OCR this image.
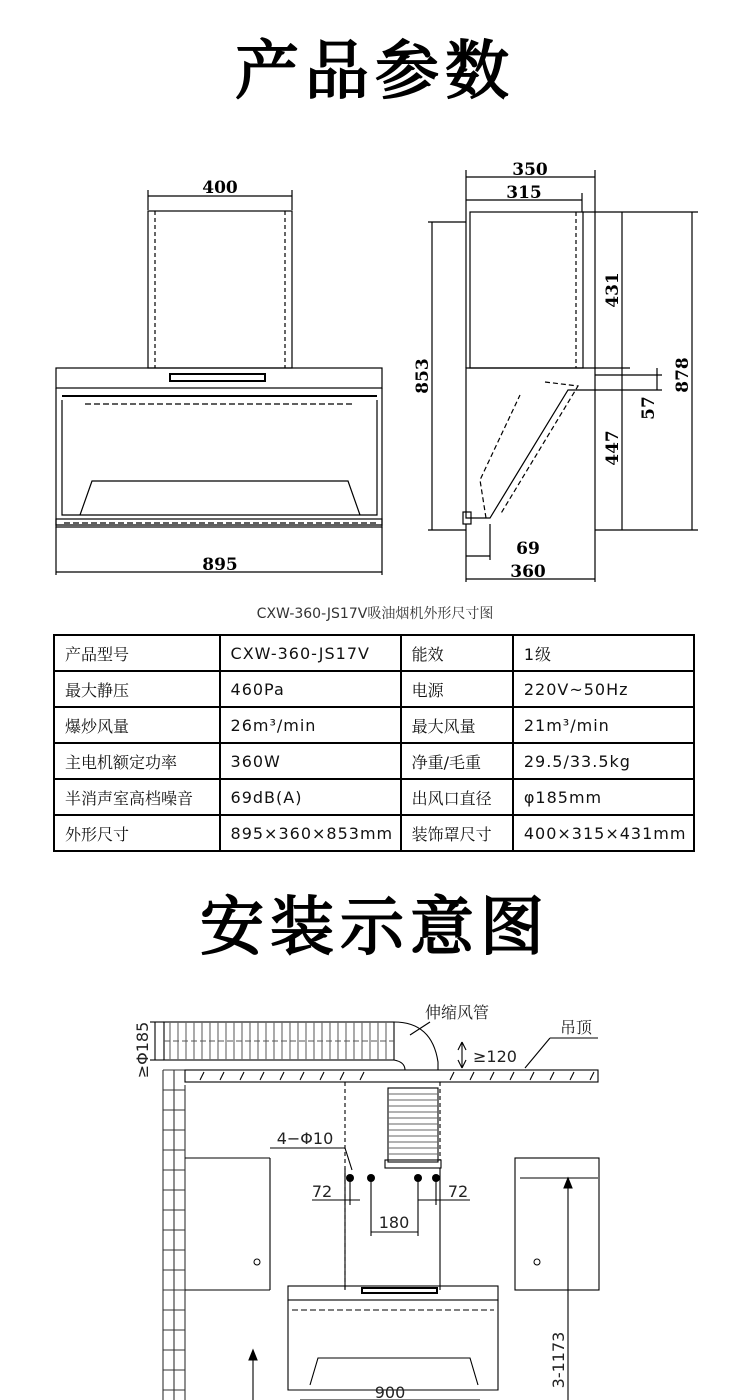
产品参数
400
895
350
315
853
431
447
878
57
69
360
CXW-360-JS17V吸油烟机外形尺寸图
产品型号	CXW-360-JS17V	能效	1级
最大静压	460Pa	电源	220V~50Hz
爆炒风量	26m³/min	最大风量	21m³/min
主电机额定功率	360W	净重/毛重	29.5/33.5kg
半消声室高档噪音	69dB(A)	出风口直径	φ185mm
外形尺寸	895×360×853mm	装饰罩尺寸	400×315×431mm
安装示意图
伸缩风管
吊顶
≥Φ185	≥120
4−Φ10
72	72
180
900
3-1173
